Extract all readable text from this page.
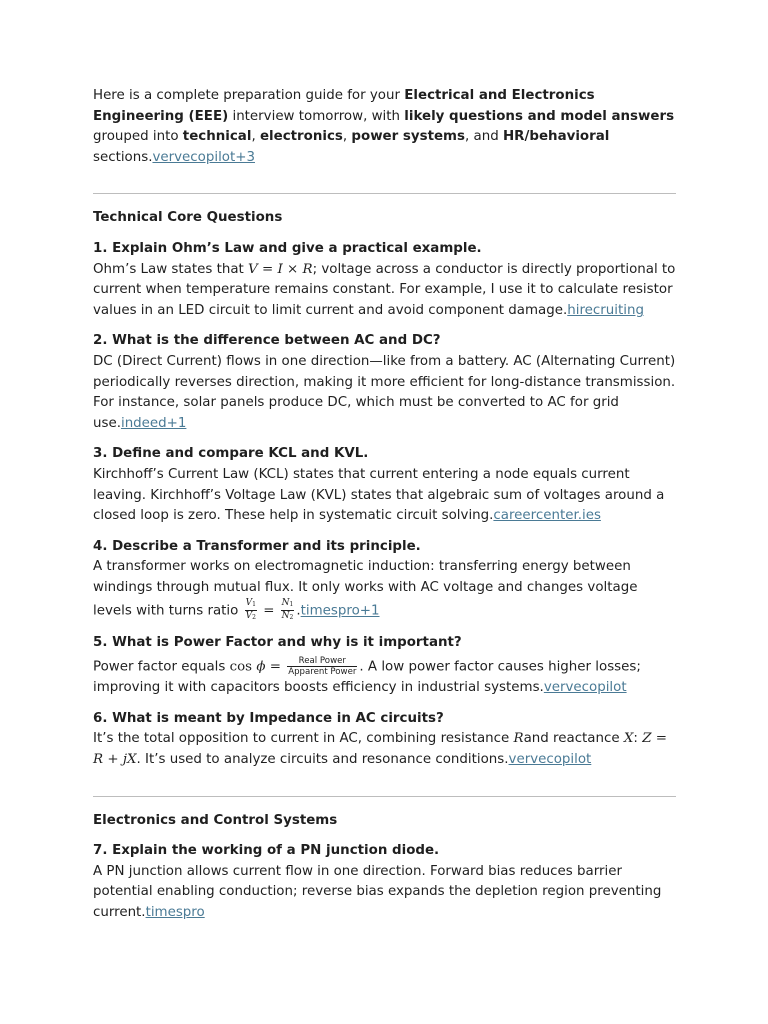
Here is a complete preparation guide for your Electrical and Electronics Engineering (EEE) interview tomorrow, with likely questions and model answers grouped into technical, electronics, power systems, and HR/behavioral sections.vervecopilot+3

Technical Core Questions

1. Explain Ohm’s Law and give a practical example.

Ohm’s Law states that V = I × R; voltage across a conductor is directly proportional to current when temperature remains constant. For example, I use it to calculate resistor values in an LED circuit to limit current and avoid component damage.hirecruiting

2. What is the difference between AC and DC?

DC (Direct Current) flows in one direction—like from a battery. AC (Alternating Current) periodically reverses direction, making it more efficient for long-distance transmission. For instance, solar panels produce DC, which must be converted to AC for grid use.indeed+1

3. Define and compare KCL and KVL.

Kirchhoff’s Current Law (KCL) states that current entering a node equals current leaving. Kirchhoff’s Voltage Law (KVL) states that algebraic sum of voltages around a closed loop is zero. These help in systematic circuit solving.careercenter.ies

4. Describe a Transformer and its principle.

A transformer works on electromagnetic induction: transferring energy between windings through mutual flux. It only works with AC voltage and changes voltage levels with turns ratio $\frac{V_1}{V_2} = \frac{N_1}{N_2}$ .timespro+1

5. What is Power Factor and why is it important?

Power factor equals $\cos \phi = \frac{\text{Real Power}}{\text{Apparent Power}}$ . A low power factor causes higher losses; improving it with capacitors boosts efficiency in industrial systems.vervecopilot

6. What is meant by Impedance in AC circuits?

It’s the total opposition to current in AC, combining resistance Rand reactance X: Z = R + jX. It’s used to analyze circuits and resonance conditions.vervecopilot

Electronics and Control Systems

7. Explain the working of a PN junction diode.

A PN junction allows current flow in one direction. Forward bias reduces barrier potential enabling conduction; reverse bias expands the depletion region preventing current.timespro
